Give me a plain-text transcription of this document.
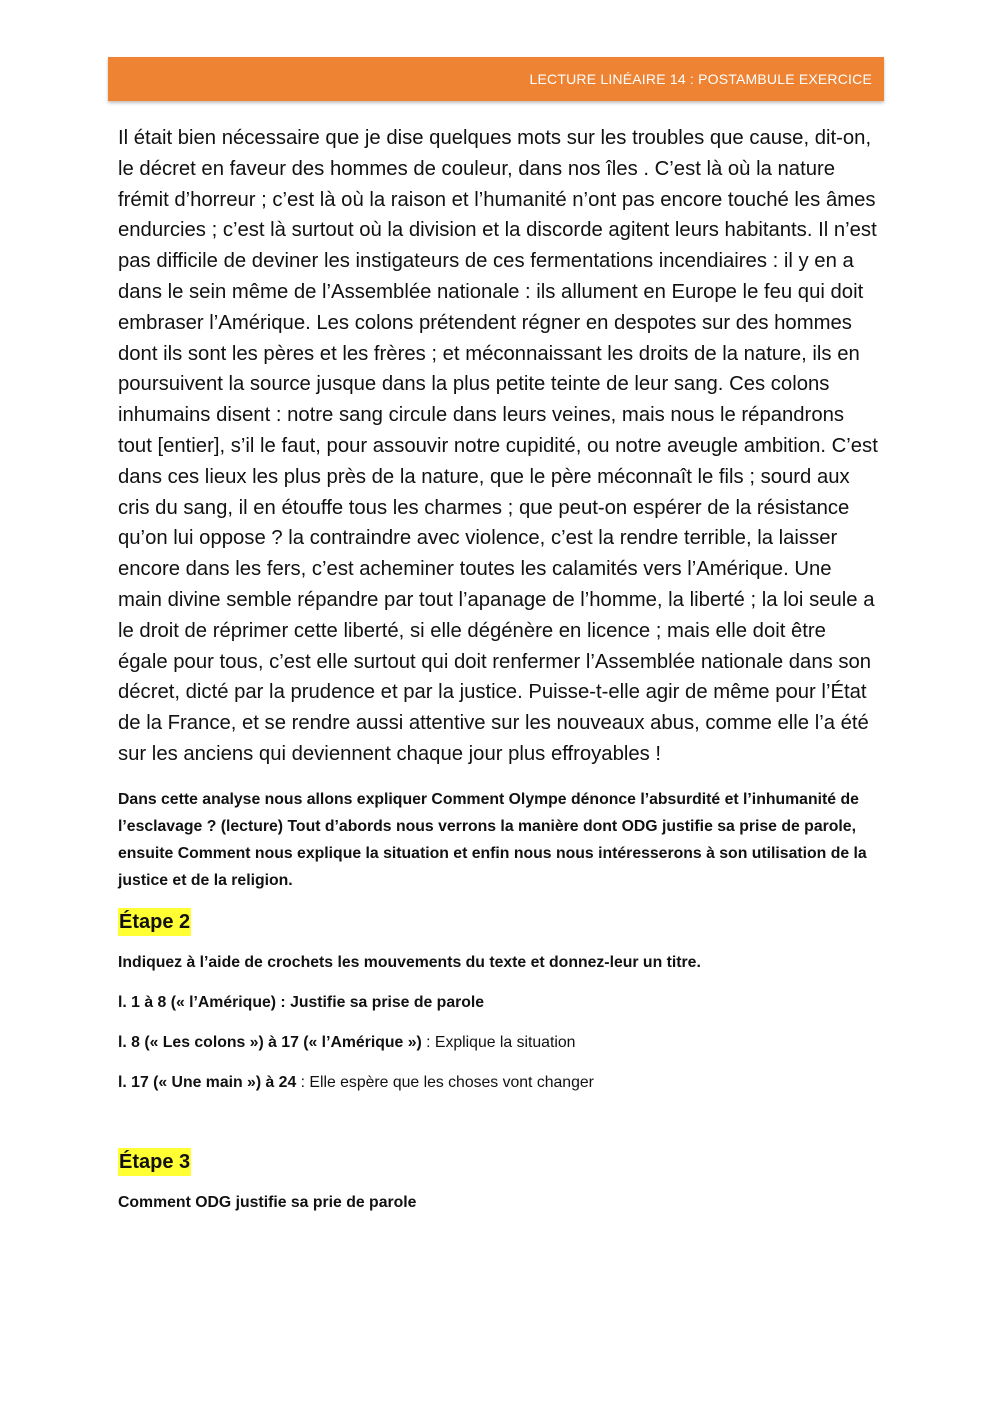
LECTURE LINÉAIRE 14 : POSTAMBULE EXERCICE

Il était bien nécessaire que je dise quelques mots sur les troubles que cause, dit-on, le décret en faveur des hommes de couleur, dans nos îles . C’est là où la nature frémit d’horreur ; c’est là où la raison et l’humanité n’ont pas encore touché les âmes endurcies ; c’est là surtout où la division et la discorde agitent leurs habitants. Il n’est pas difficile de deviner les instigateurs de ces fermentations incendiaires : il y en a dans le sein même de l’Assemblée nationale : ils allument en Europe le feu qui doit embraser l’Amérique. Les colons prétendent régner en despotes sur des hommes dont ils sont les pères et les frères ; et méconnaissant les droits de la nature, ils en poursuivent la source jusque dans la plus petite teinte de leur sang. Ces colons inhumains disent : notre sang circule dans leurs veines, mais nous le répandrons tout [entier], s’il le faut, pour assouvir notre cupidité, ou notre aveugle ambition. C’est dans ces lieux les plus près de la nature, que le père méconnaît le fils ; sourd aux cris du sang, il en étouffe tous les charmes ; que peut-on espérer de la résistance qu’on lui oppose ? la contraindre avec violence, c’est la rendre terrible, la laisser encore dans les fers, c’est acheminer toutes les calamités vers l’Amérique. Une main divine semble répandre par tout l’apanage de l’homme, la liberté ; la loi seule a le droit de réprimer cette liberté, si elle dégénère en licence ; mais elle doit être égale pour tous, c’est elle surtout qui doit renfermer l’Assemblée nationale dans son décret, dicté par la prudence et par la justice. Puisse-t-elle agir de même pour l’État de la France, et se rendre aussi attentive sur les nouveaux abus, comme elle l’a été sur les anciens qui deviennent chaque jour plus effroyables !

Dans cette analyse nous allons expliquer Comment Olympe dénonce l’absurdité et l’inhumanité de l’esclavage ? (lecture) Tout d’abords nous verrons la manière dont ODG justifie sa prise de parole, ensuite Comment nous explique la situation et enfin nous nous intéresserons à son utilisation de la justice et de la religion.

Étape 2

Indiquez à l’aide de crochets les mouvements du texte et donnez-leur un titre.

l. 1 à 8 (« l’Amérique) : Justifie sa prise de parole

l. 8 (« Les colons ») à 17 (« l’Amérique ») : Explique la situation

l. 17 (« Une main ») à 24 : Elle espère que les choses vont changer

Étape 3

Comment ODG justifie sa prie de parole
